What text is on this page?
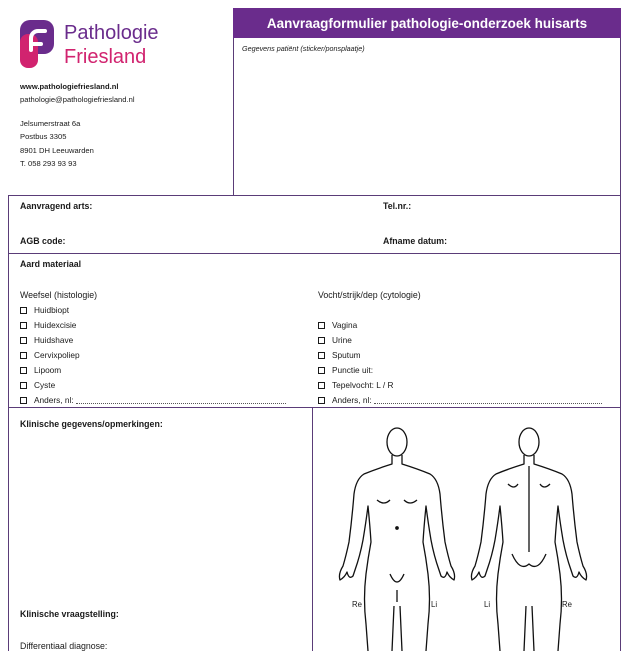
Aanvraagformulier pathologie-onderzoek huisarts
Gegevens patiënt (sticker/ponsplaatje)
Pathologie
Friesland
www.pathologiefriesland.nl
pathologie@pathologiefriesland.nl
Jelsumerstraat 6a
Postbus 3305
8901 DH Leeuwarden
T. 058 293 93 93
Aanvragend arts:	Tel.nr.:
AGB code:	Afname datum:
Aard materiaal
Weefsel (histologie)	Vocht/strijk/dep (cytologie)
Huidbiopt
Huidexcisie
Huidshave
Cervixpoliep
Lipoom
Cyste
Anders, nl:
Vagina
Urine
Sputum
Punctie uit:
Tepelvocht: L / R
Anders, nl:
Klinische gegevens/opmerkingen:
Klinische vraagstelling:
Differentiaal diagnose:
Re	Li	Li	Re
